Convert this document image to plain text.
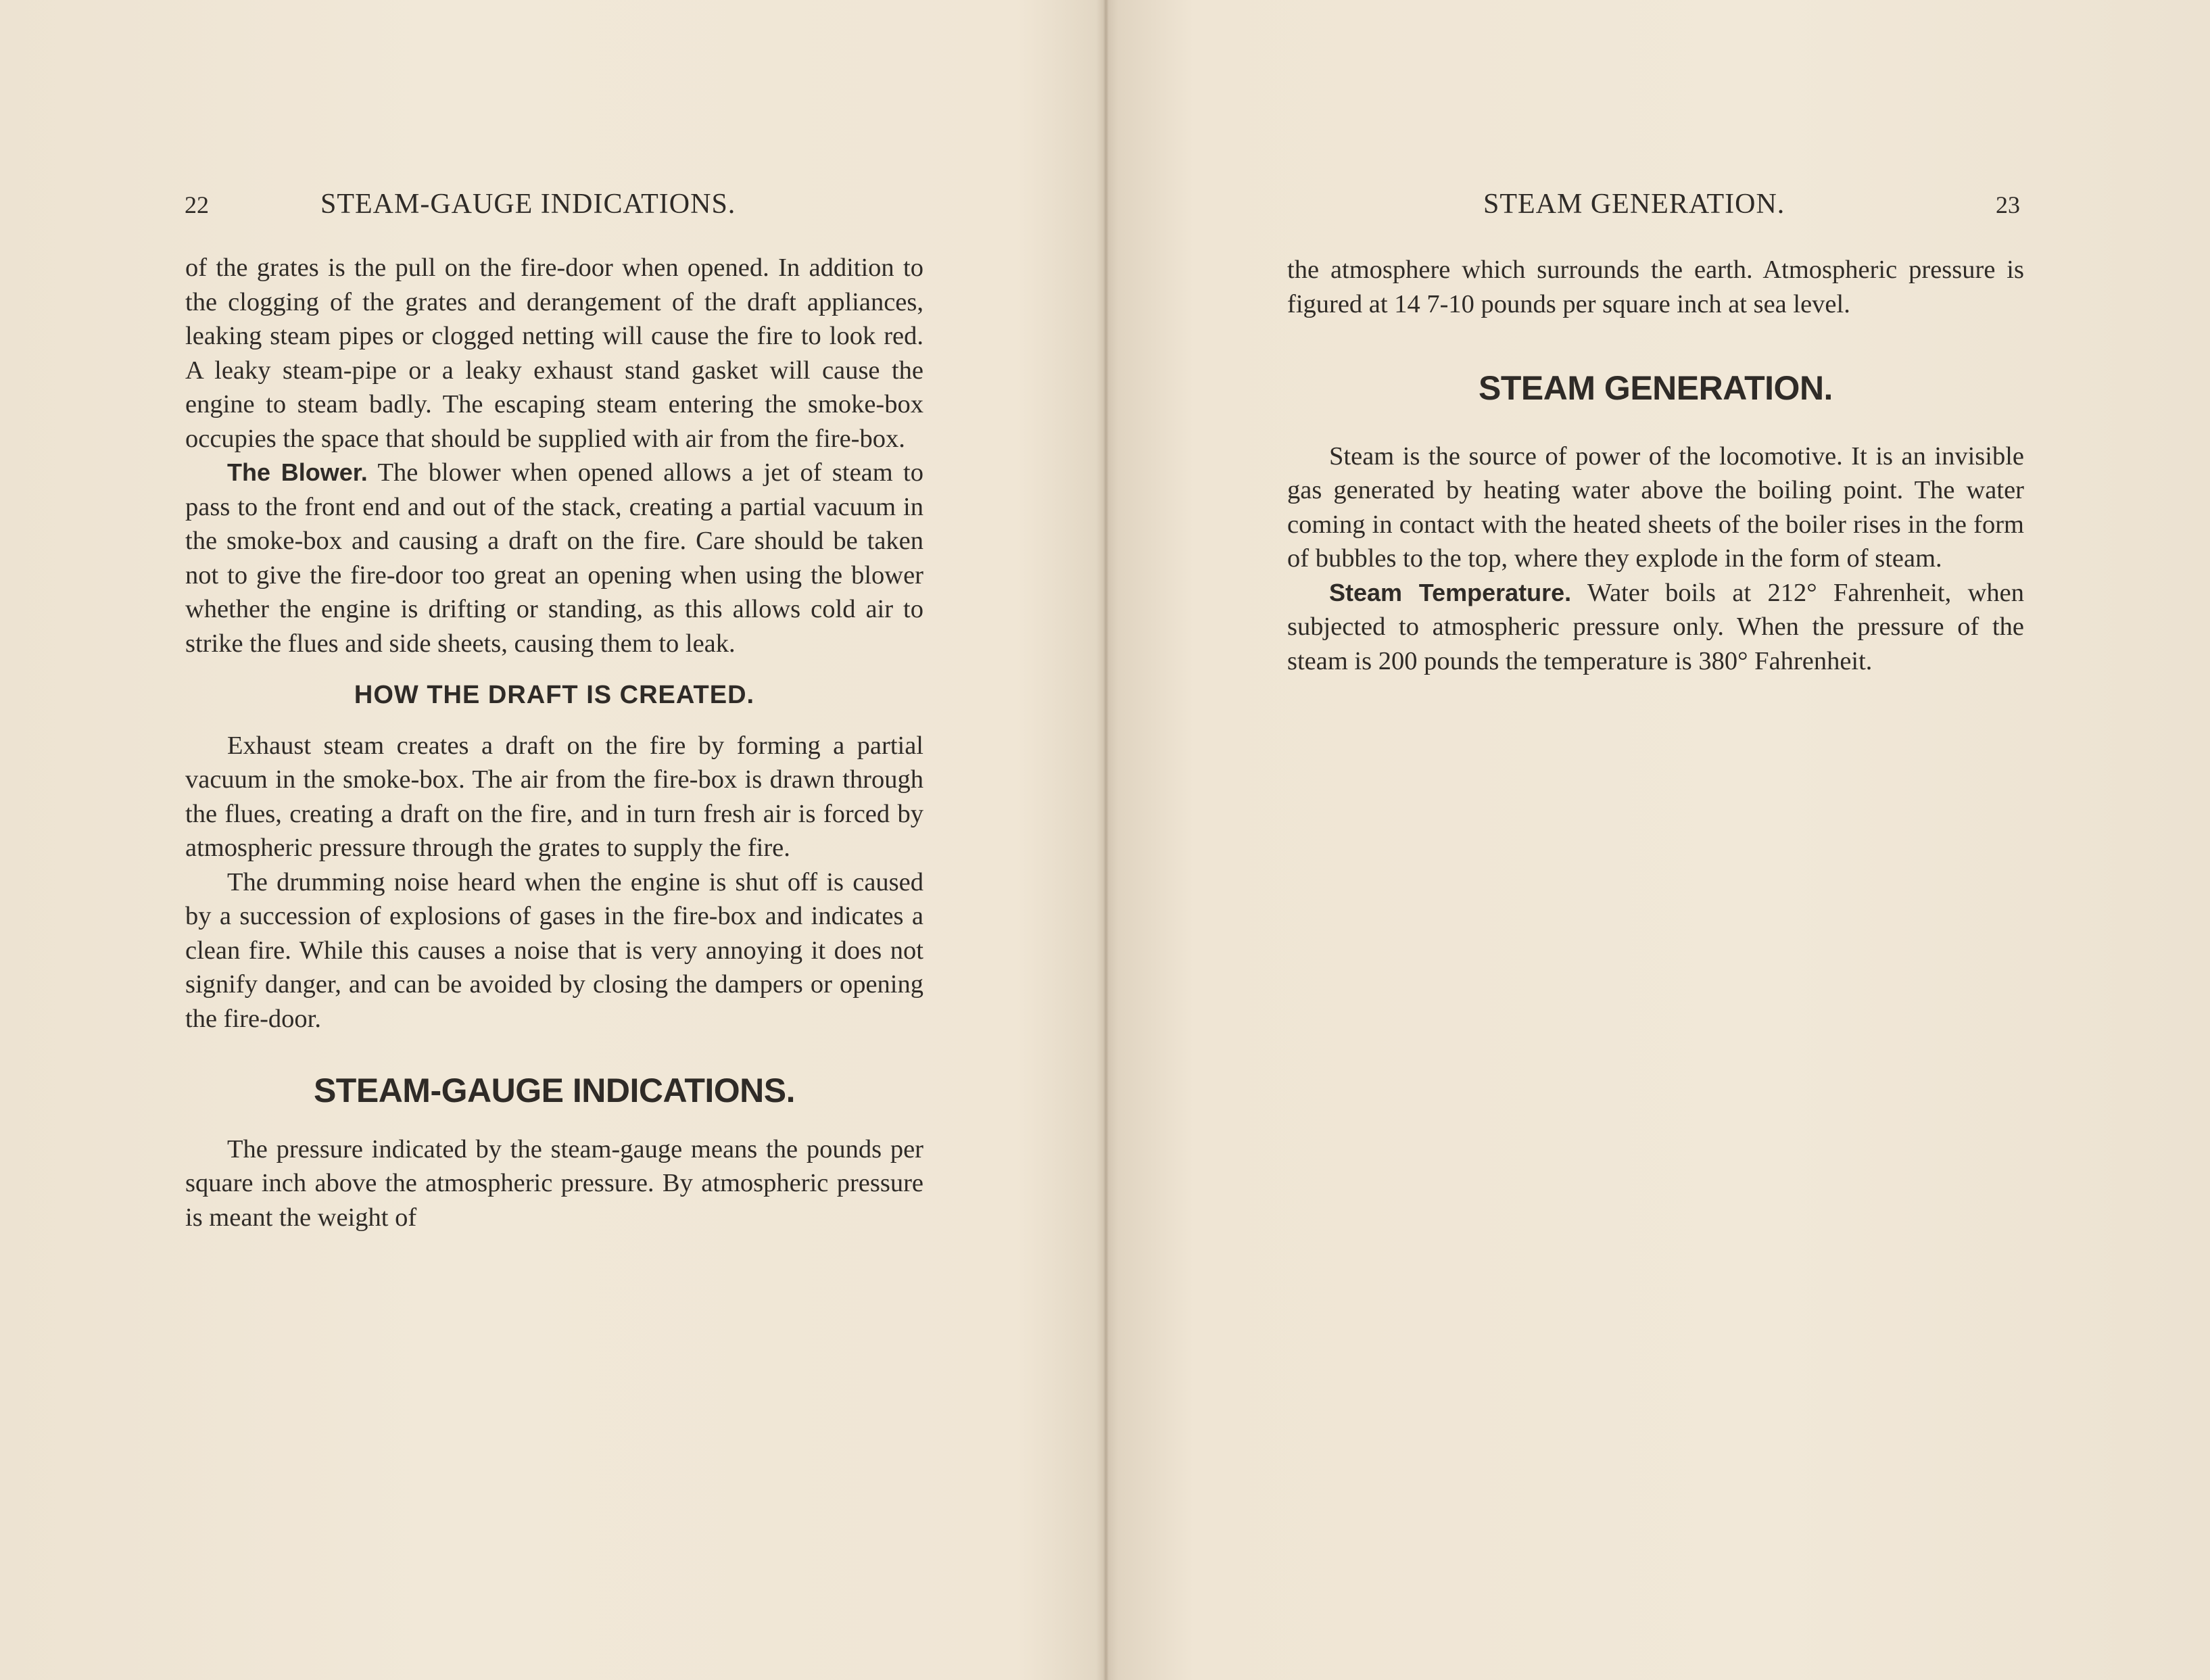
22	STEAM-GAUGE INDICATIONS.

of the grates is the pull on the fire-door when opened. In addition to the clogging of the grates and derangement of the draft appliances, leaking steam pipes or clogged netting will cause the fire to look red. A leaky steam-pipe or a leaky exhaust stand gasket will cause the engine to steam badly. The escaping steam entering the smoke-box occupies the space that should be supplied with air from the fire-box.

The Blower. The blower when opened allows a jet of steam to pass to the front end and out of the stack, creating a partial vacuum in the smoke-box and causing a draft on the fire. Care should be taken not to give the fire-door too great an opening when using the blower whether the engine is drifting or standing, as this allows cold air to strike the flues and side sheets, causing them to leak.

HOW THE DRAFT IS CREATED.

Exhaust steam creates a draft on the fire by forming a partial vacuum in the smoke-box. The air from the fire-box is drawn through the flues, creating a draft on the fire, and in turn fresh air is forced by atmospheric pressure through the grates to supply the fire.

The drumming noise heard when the engine is shut off is caused by a succession of explosions of gases in the fire-box and indicates a clean fire. While this causes a noise that is very annoying it does not signify danger, and can be avoided by closing the dampers or opening the fire-door.

STEAM-GAUGE INDICATIONS.

The pressure indicated by the steam-gauge means the pounds per square inch above the atmospheric pressure. By atmospheric pressure is meant the weight of

STEAM GENERATION.	23

the atmosphere which surrounds the earth. Atmospheric pressure is figured at 14 7-10 pounds per square inch at sea level.

STEAM GENERATION.

Steam is the source of power of the locomotive. It is an invisible gas generated by heating water above the boiling point. The water coming in contact with the heated sheets of the boiler rises in the form of bubbles to the top, where they explode in the form of steam.

Steam Temperature. Water boils at 212° Fahrenheit, when subjected to atmospheric pressure only. When the pressure of the steam is 200 pounds the temperature is 380° Fahrenheit.
